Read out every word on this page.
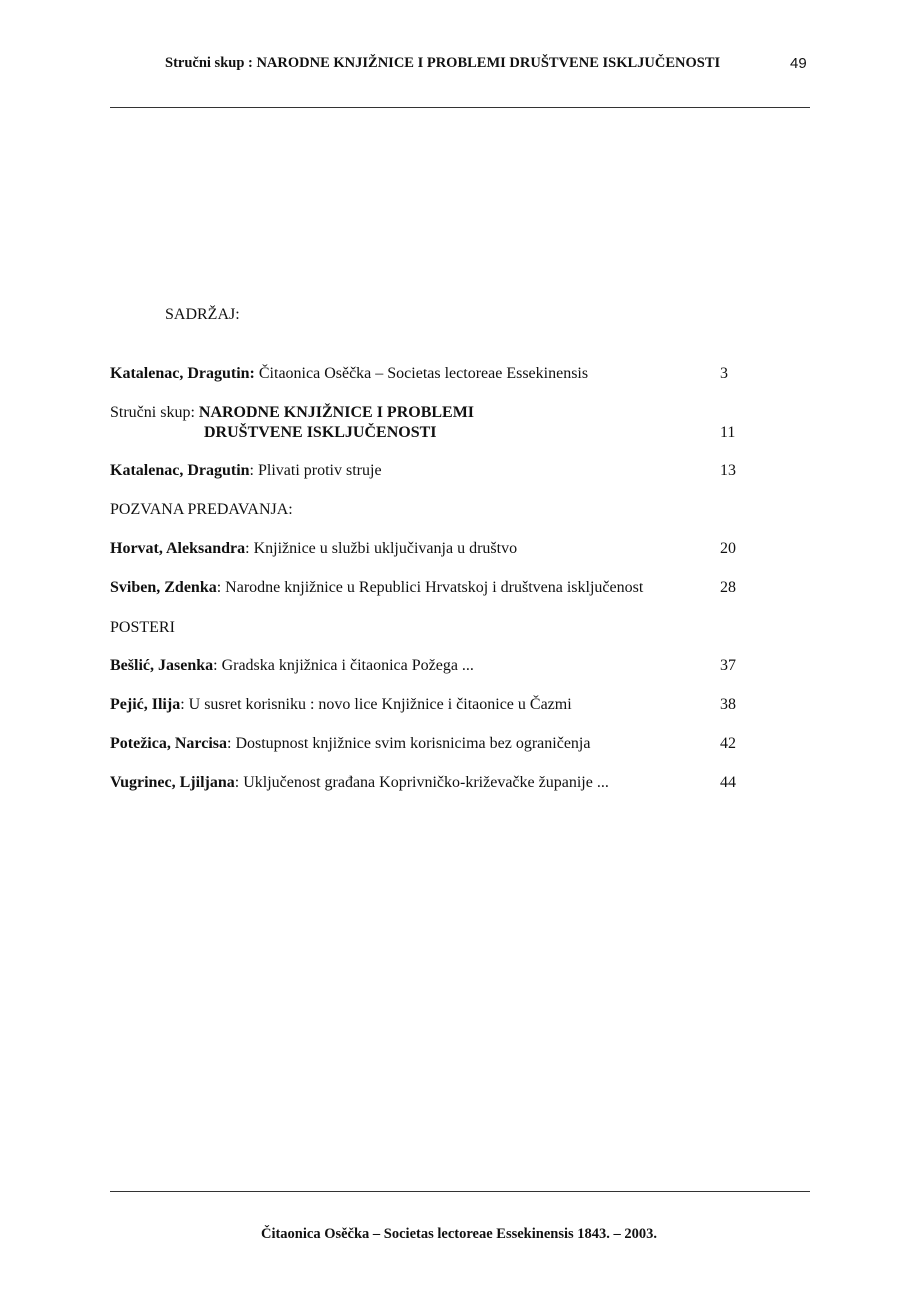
Stručni skup : NARODNE KNJIŽNICE I PROBLEMI DRUŠTVENE ISKLJUČENOSTI	49
SADRŽAJ:
Katalenac, Dragutin: Čitaonica Osěčka – Societas lectoreae Essekinensis	3
Stručni skup: NARODNE KNJIŽNICE I PROBLEMI
DRUŠTVENE ISKLJUČENOSTI	11
Katalenac, Dragutin: Plivati protiv struje	13
POZVANA PREDAVANJA:
Horvat, Aleksandra: Knjižnice u službi uključivanja u društvo	20
Sviben, Zdenka: Narodne knjižnice u Republici Hrvatskoj i društvena isključenost	28
POSTERI
Bešlić, Jasenka: Gradska knjižnica i čitaonica Požega ...	37
Pejić, Ilija: U susret korisniku : novo lice Knjižnice i čitaonice u Čazmi	38
Potežica, Narcisa: Dostupnost knjižnice svim korisnicima bez ograničenja	42
Vugrinec, Ljiljana: Uključenost građana Koprivničko-križevačke županije ...	44
Čitaonica Osěčka – Societas lectoreae Essekinensis 1843. – 2003.
